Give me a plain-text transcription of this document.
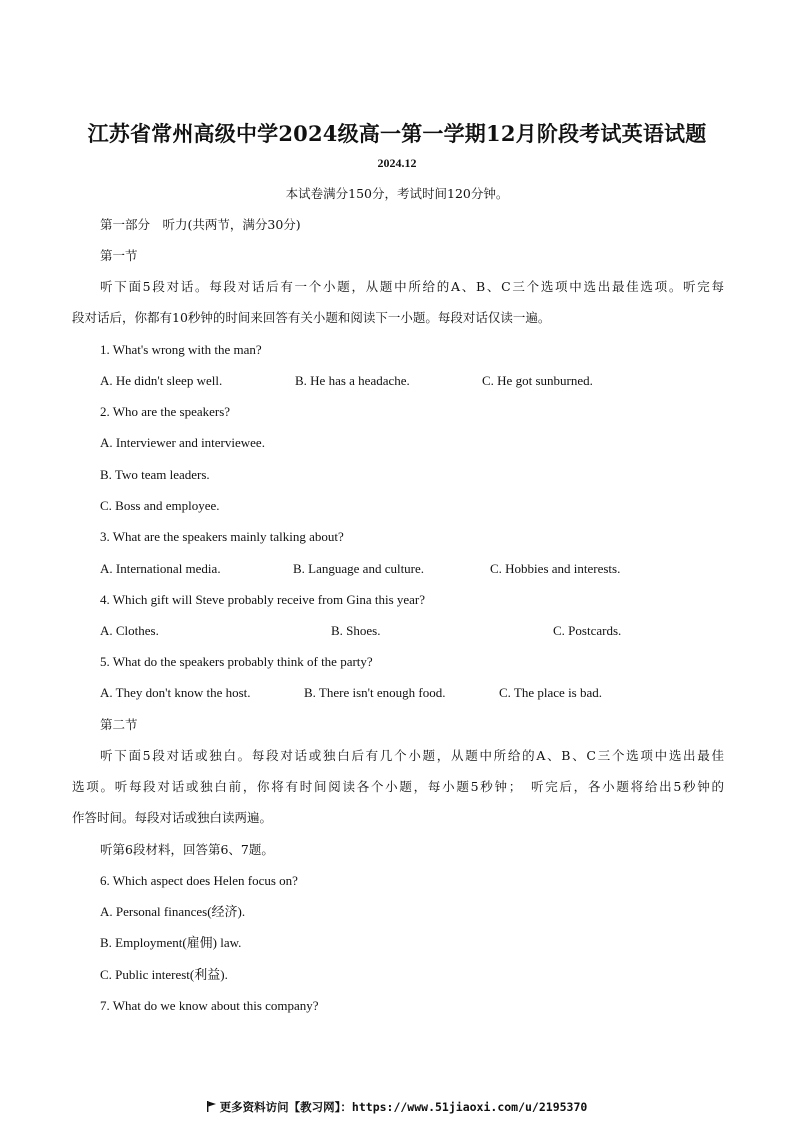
江苏省常州高级中学2024级高一第一学期12月阶段考试英语试题
2024.12
本试卷满分150分，考试时间120分钟。
第一部分　听力(共两节，满分30分)
第一节
听下面5段对话。每段对话后有一个小题，从题中所给的A、B、C三个选项中选出最佳选项。听完每
段对话后，你都有10秒钟的时间来回答有关小题和阅读下一小题。每段对话仅读一遍。
1. What's wrong with the man?
A. He didn't sleep well.	B. He has a headache.	C. He got sunburned.
2. Who are the speakers?
A. Interviewer and interviewee.
B. Two team leaders.
C. Boss and employee.
3. What are the speakers mainly talking about?
A. International media.	B. Language and culture.	C. Hobbies and interests.
4. Which gift will Steve probably receive from Gina this year?
A. Clothes.	B. Shoes.	C. Postcards.
5. What do the speakers probably think of the party?
A. They don't know the host.	B. There isn't enough food.	C. The place is bad.
第二节
听下面5段对话或独白。每段对话或独白后有几个小题，从题中所给的A、B、C三个选项中选出最佳
选项。听每段对话或独白前，你将有时间阅读各个小题，每小题5秒钟；　听完后，各小题将给出5秒钟的
作答时间。每段对话或独白读两遍。
听第6段材料，回答第6、7题。
6. Which aspect does Helen focus on?
A. Personal finances(经济).
B. Employment(雇佣) law.
C. Public interest(利益).
7. What do we know about this company?
更多资料访问【教习网】：https://www.51jiaoxi.com/u/2195370
